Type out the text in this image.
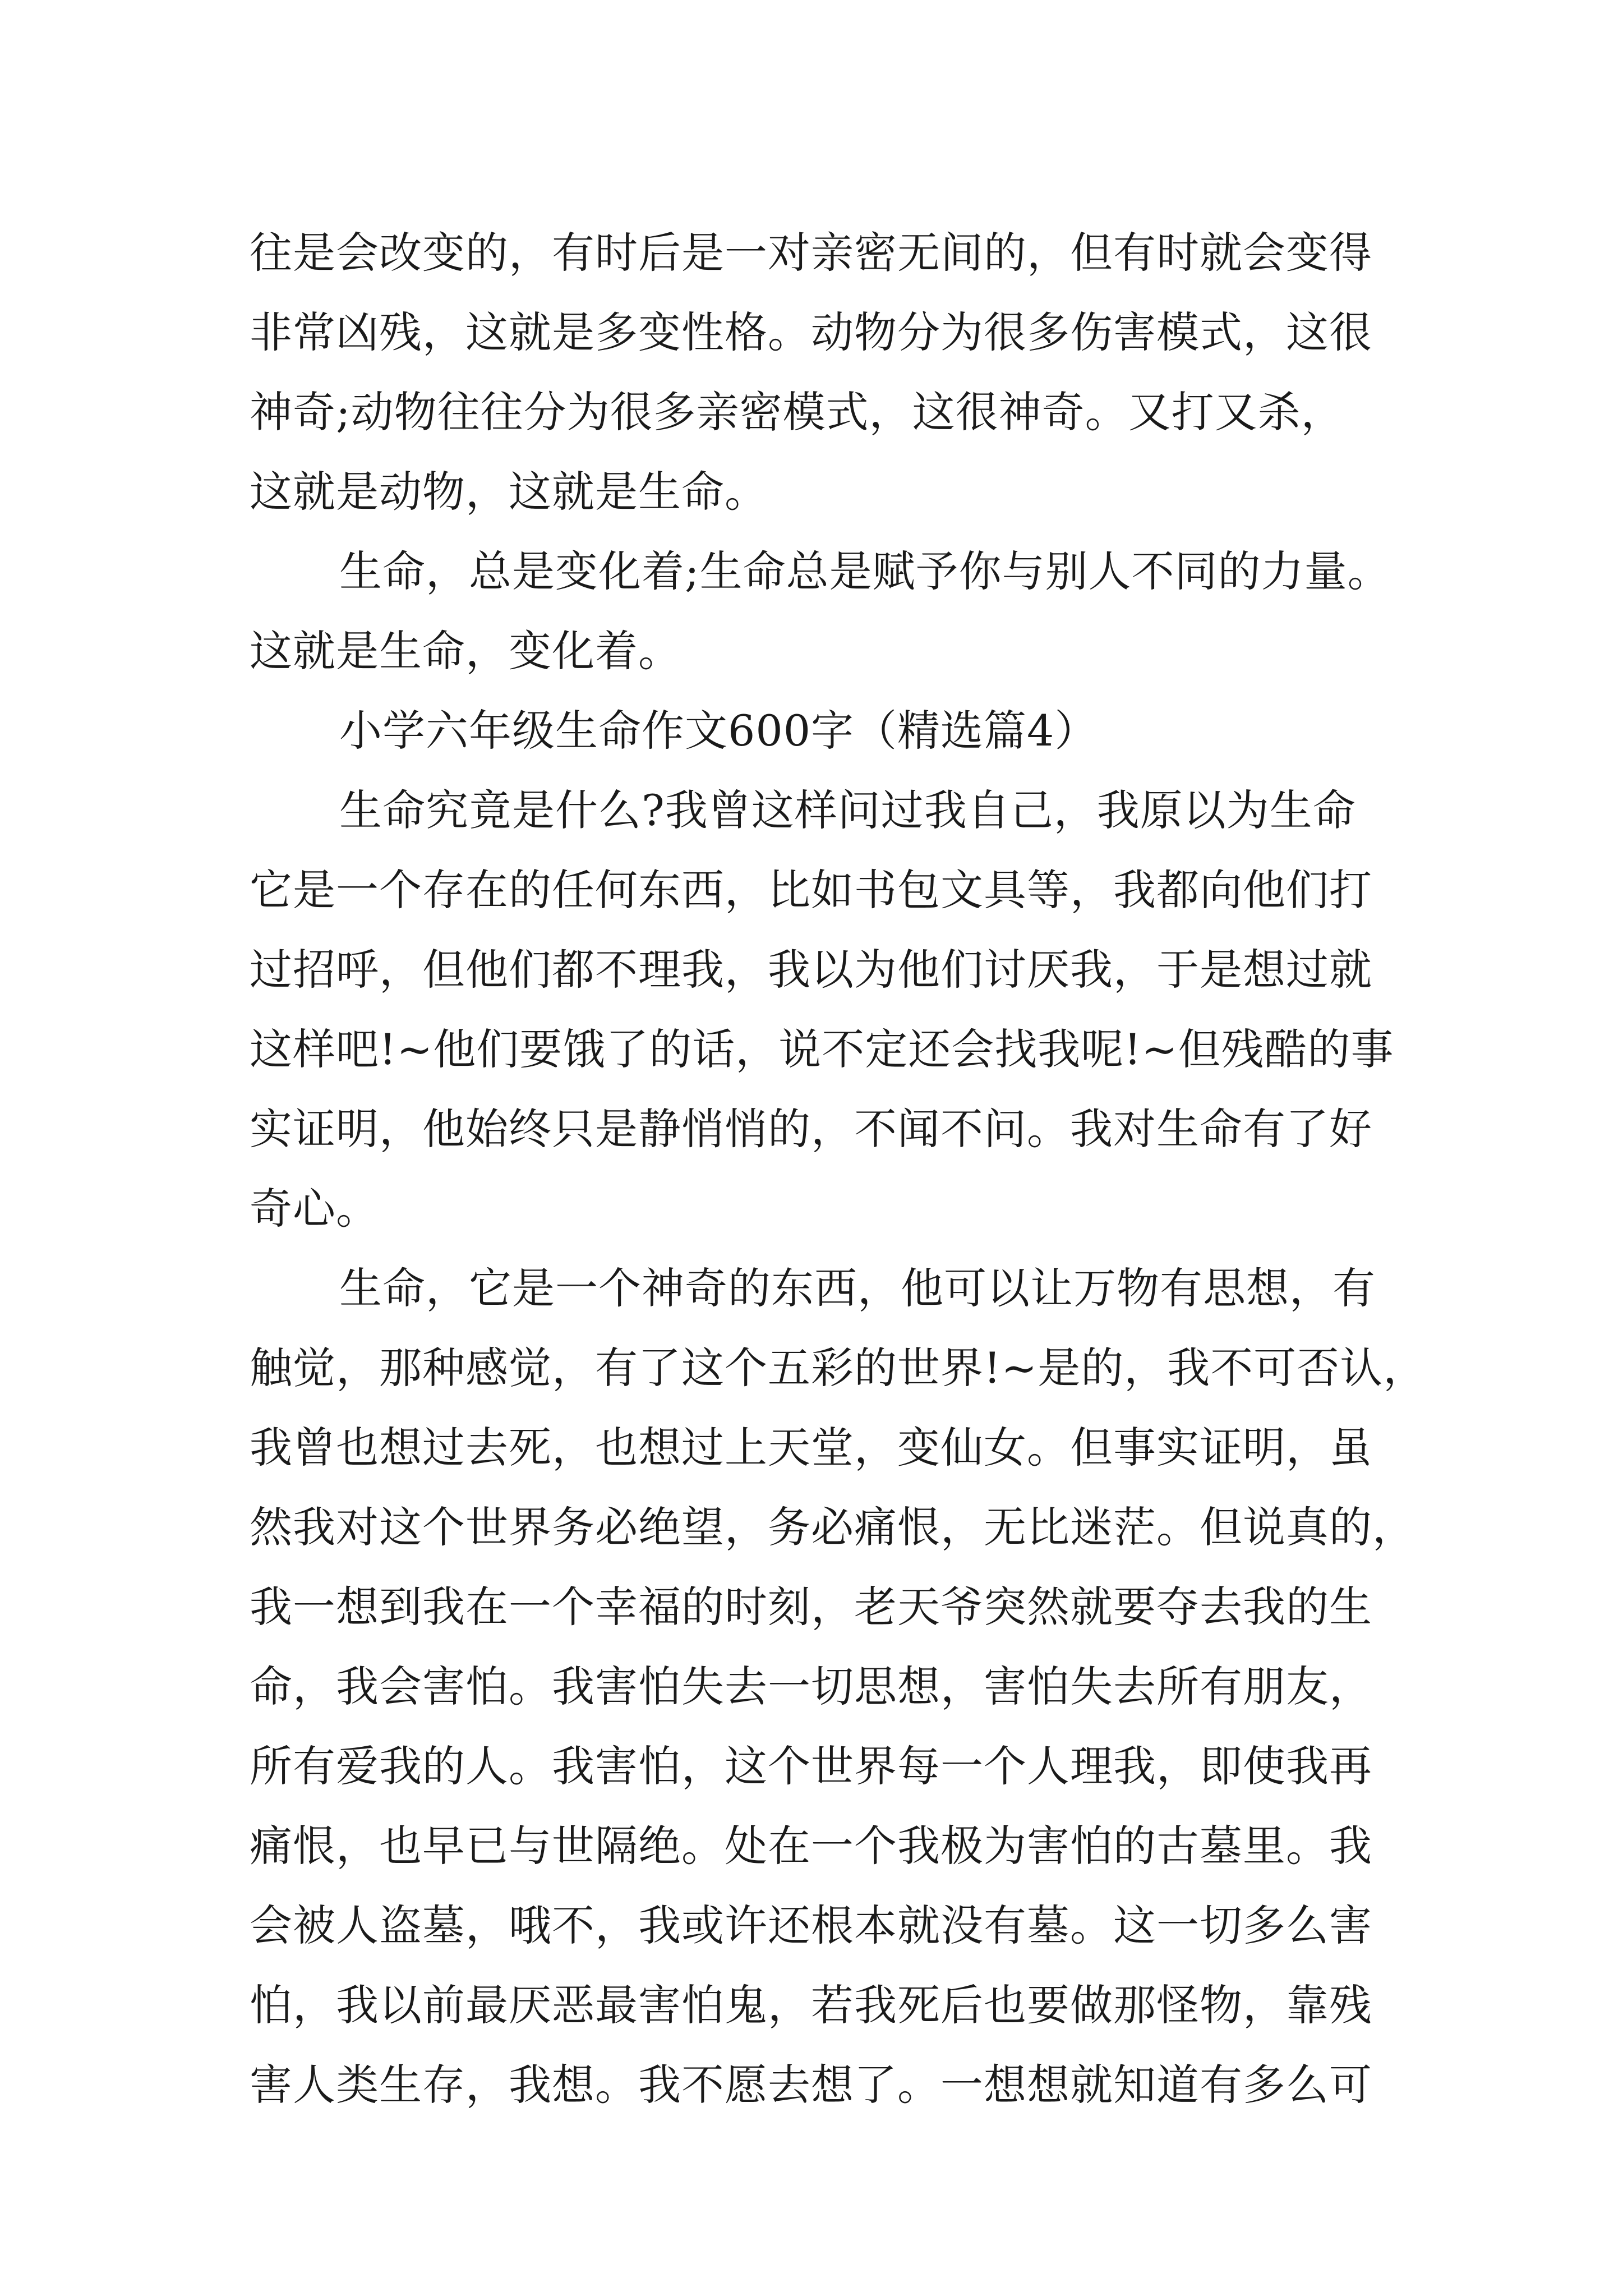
往是会改变的，有时后是一对亲密无间的，但有时就会变得
非常凶残，这就是多变性格。动物分为很多伤害模式，这很
神奇;动物往往分为很多亲密模式，这很神奇。又打又杀，
这就是动物，这就是生命。
生命，总是变化着;生命总是赋予你与别人不同的力量。
这就是生命，变化着。
小学六年级生命作文600字（精选篇4）
生命究竟是什么?我曾这样问过我自己，我原以为生命
它是一个存在的任何东西，比如书包文具等，我都向他们打
过招呼，但他们都不理我，我以为他们讨厌我，于是想过就
这样吧!~他们要饿了的话，说不定还会找我呢!~但残酷的事
实证明，他始终只是静悄悄的，不闻不问。我对生命有了好
奇心。
生命，它是一个神奇的东西，他可以让万物有思想，有
触觉，那种感觉，有了这个五彩的世界!~是的，我不可否认，
我曾也想过去死，也想过上天堂，变仙女。但事实证明，虽
然我对这个世界务必绝望，务必痛恨，无比迷茫。但说真的，
我一想到我在一个幸福的时刻，老天爷突然就要夺去我的生
命，我会害怕。我害怕失去一切思想，害怕失去所有朋友，
所有爱我的人。我害怕，这个世界每一个人理我，即使我再
痛恨，也早已与世隔绝。处在一个我极为害怕的古墓里。我
会被人盗墓，哦不，我或许还根本就没有墓。这一切多么害
怕，我以前最厌恶最害怕鬼，若我死后也要做那怪物，靠残
害人类生存，我想。我不愿去想了。一想想就知道有多么可
